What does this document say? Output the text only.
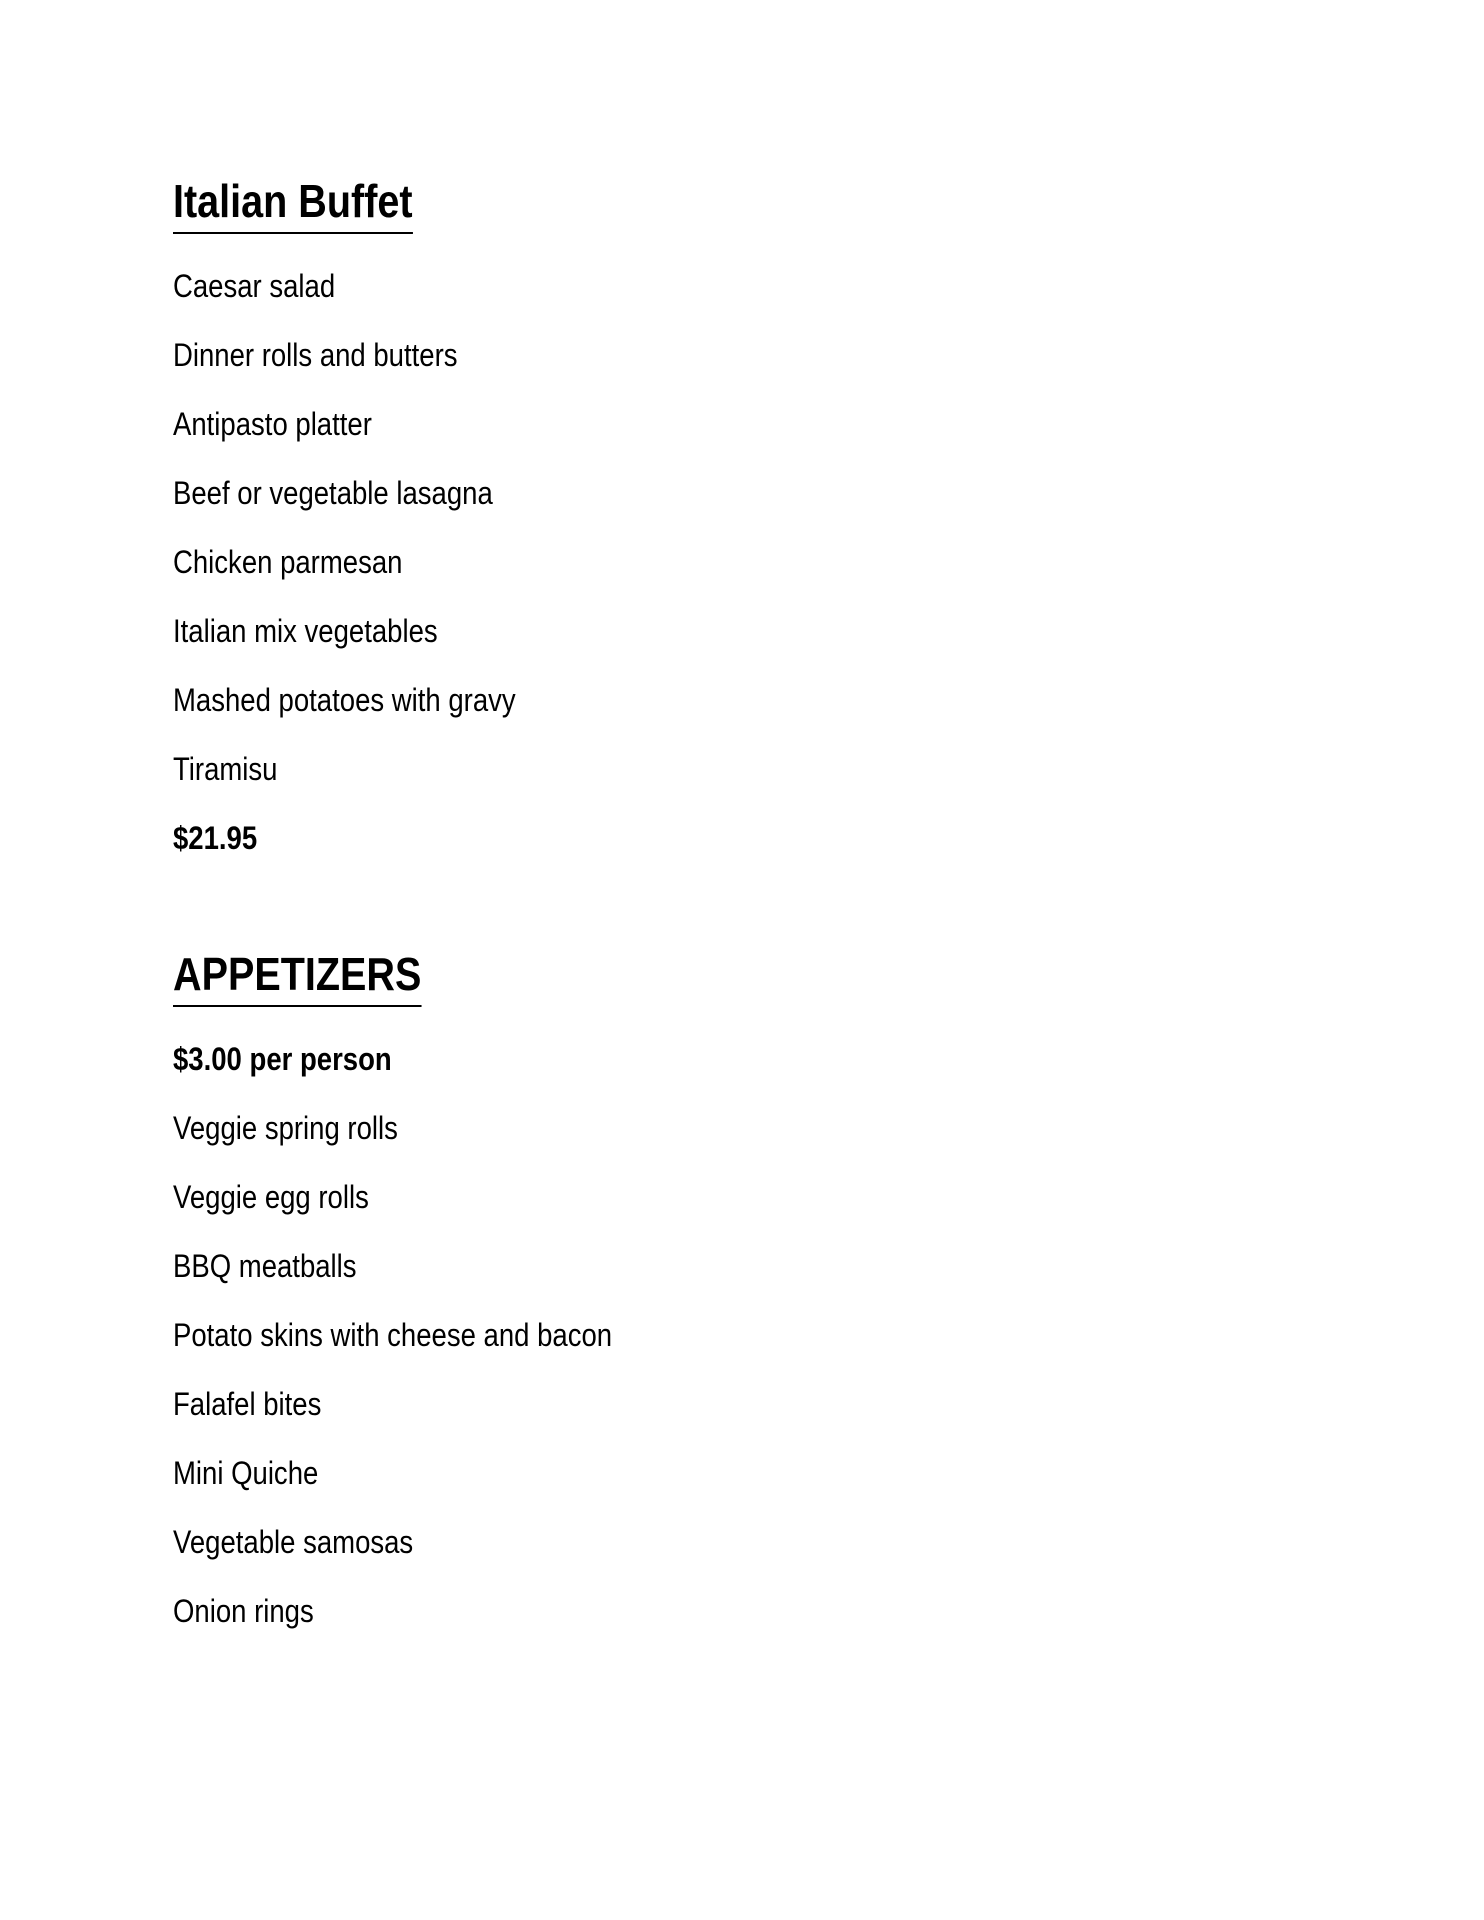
Italian Buffet
Caesar salad
Dinner rolls and butters
Antipasto platter
Beef or vegetable lasagna
Chicken parmesan
Italian mix vegetables
Mashed potatoes with gravy
Tiramisu
$21.95
APPETIZERS
$3.00 per person
Veggie spring rolls
Veggie egg rolls
BBQ meatballs
Potato skins with cheese and bacon
Falafel bites
Mini Quiche
Vegetable samosas
Onion rings
